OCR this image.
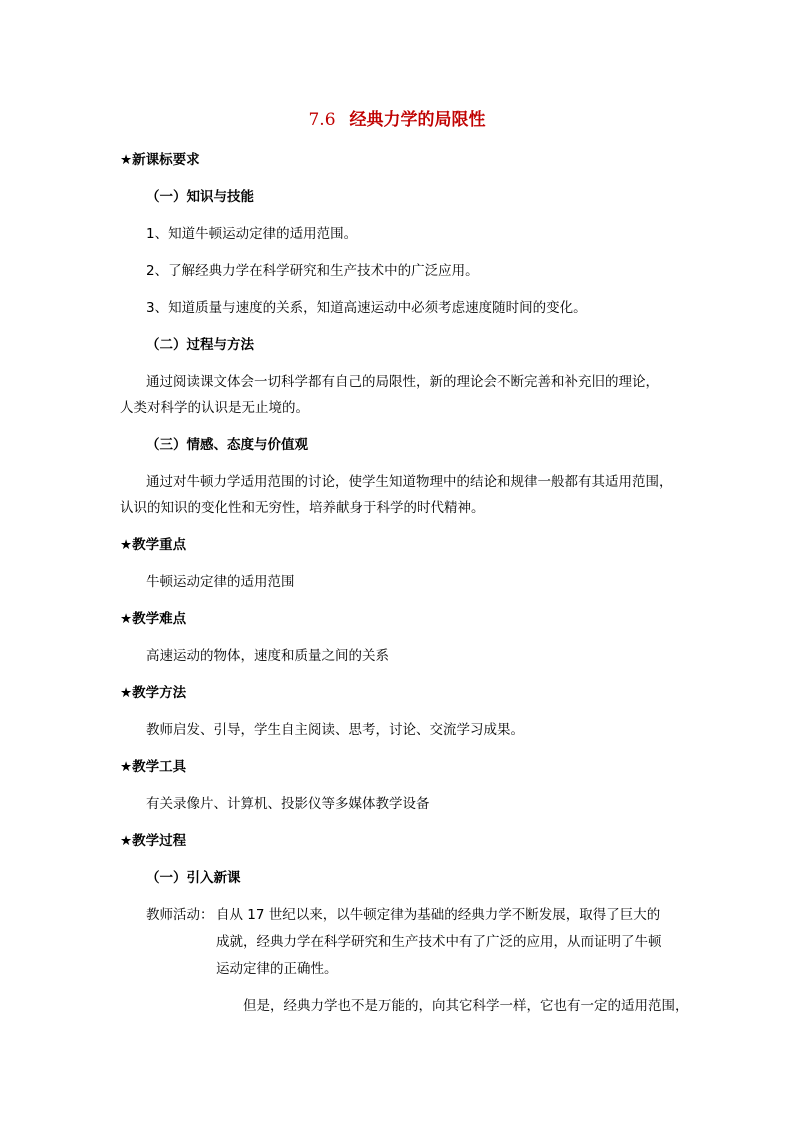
7.6 经典力学的局限性
★新课标要求
（一）知识与技能
1、知道牛顿运动定律的适用范围。
2、了解经典力学在科学研究和生产技术中的广泛应用。
3、知道质量与速度的关系，知道高速运动中必须考虑速度随时间的变化。
（二）过程与方法
通过阅读课文体会一切科学都有自己的局限性，新的理论会不断完善和补充旧的理论，
人类对科学的认识是无止境的。
（三）情感、态度与价值观
通过对牛顿力学适用范围的讨论，使学生知道物理中的结论和规律一般都有其适用范围，
认识的知识的变化性和无穷性，培养献身于科学的时代精神。
★教学重点
牛顿运动定律的适用范围
★教学难点
高速运动的物体，速度和质量之间的关系
★教学方法
教师启发、引导，学生自主阅读、思考，讨论、交流学习成果。
★教学工具
有关录像片、计算机、投影仪等多媒体教学设备
★教学过程
（一）引入新课
教师活动： 自从 17 世纪以来，以牛顿定律为基础的经典力学不断发展，取得了巨大的
成就，经典力学在科学研究和生产技术中有了广泛的应用，从而证明了牛顿
运动定律的正确性。
但是，经典力学也不是万能的，向其它科学一样，它也有一定的适用范围，
